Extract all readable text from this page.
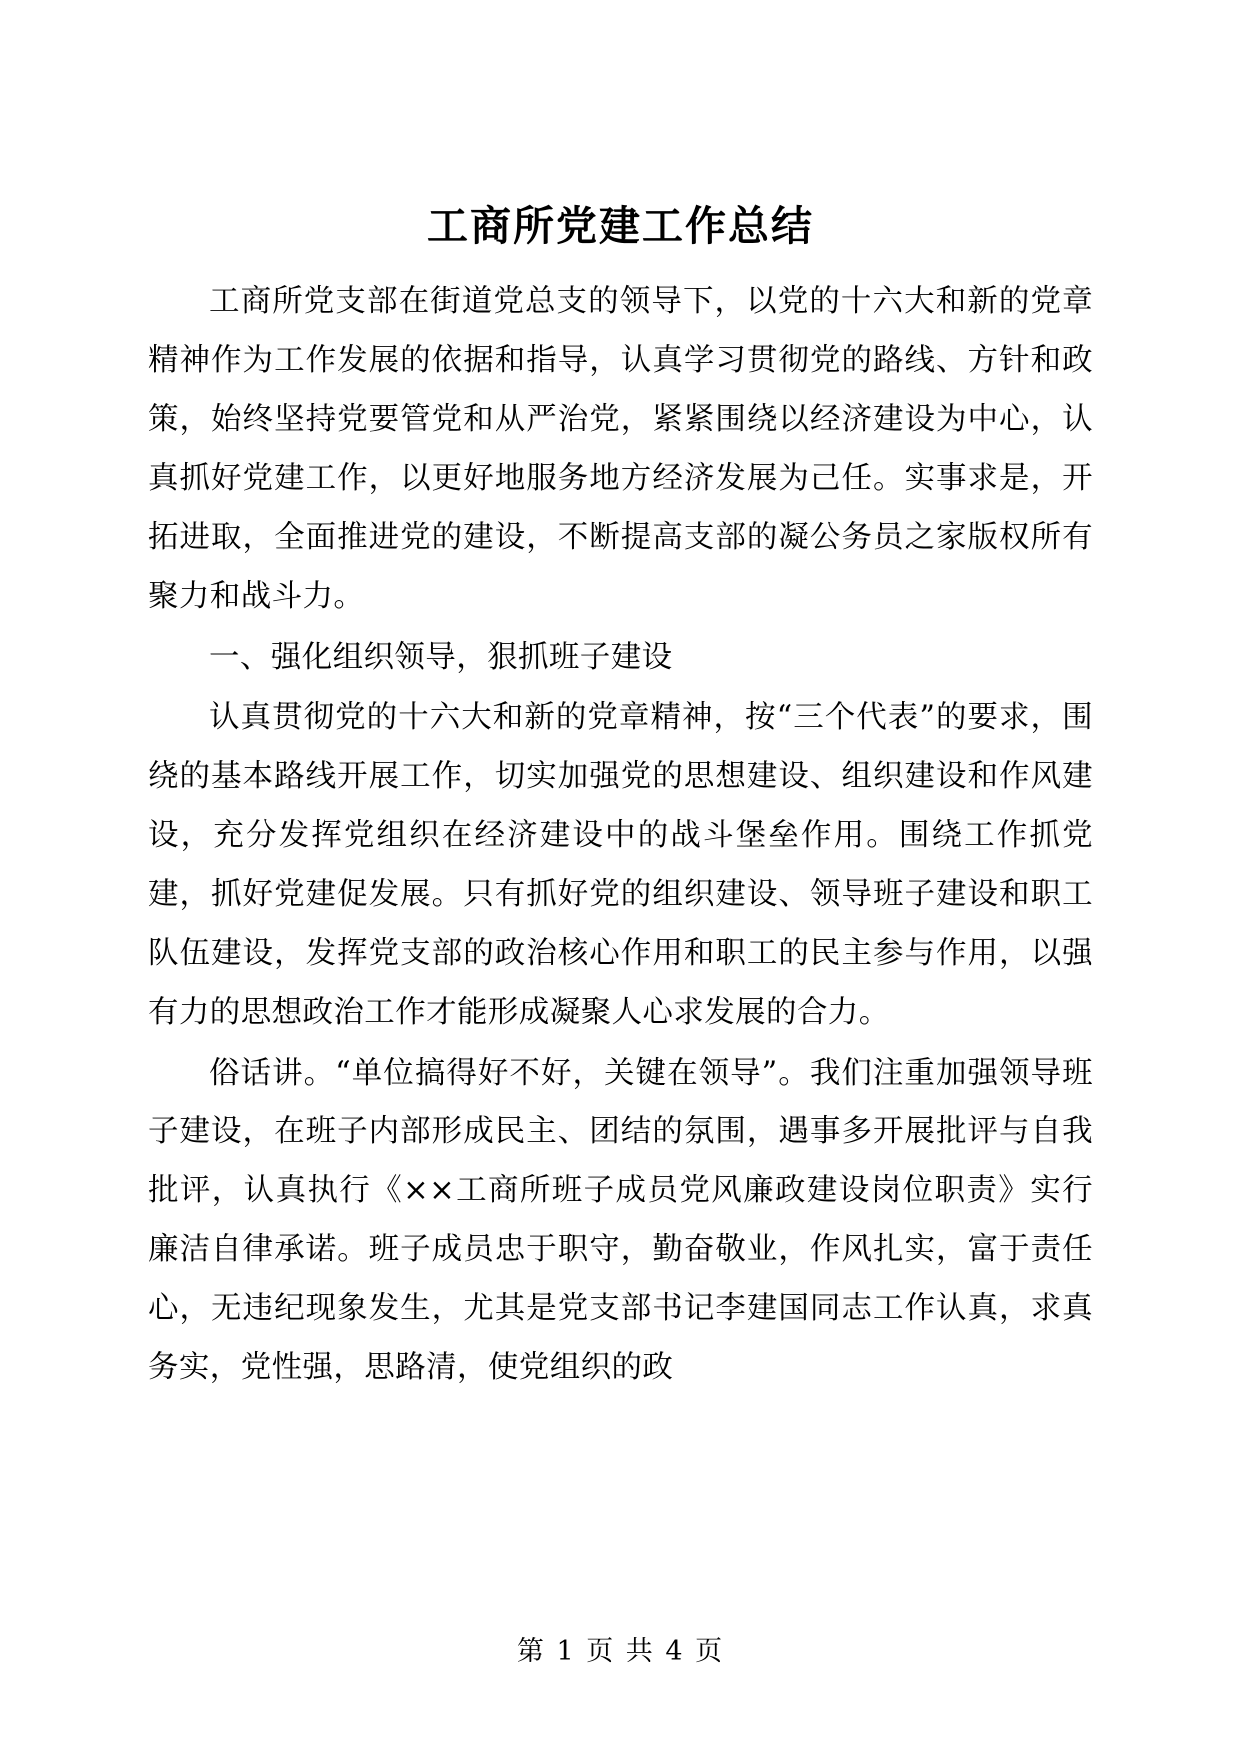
工商所党建工作总结

工商所党支部在街道党总支的领导下，以党的十六大和新的党章精神作为工作发展的依据和指导，认真学习贯彻党的路线、方针和政策，始终坚持党要管党和从严治党，紧紧围绕以经济建设为中心，认真抓好党建工作，以更好地服务地方经济发展为己任。实事求是，开拓进取，全面推进党的建设，不断提高支部的凝公务员之家版权所有聚力和战斗力。

一、强化组织领导，狠抓班子建设

认真贯彻党的十六大和新的党章精神，按“三个代表”的要求，围绕的基本路线开展工作，切实加强党的思想建设、组织建设和作风建设，充分发挥党组织在经济建设中的战斗堡垒作用。围绕工作抓党建，抓好党建促发展。只有抓好党的组织建设、领导班子建设和职工队伍建设，发挥党支部的政治核心作用和职工的民主参与作用，以强有力的思想政治工作才能形成凝聚人心求发展的合力。

俗话讲。“单位搞得好不好，关键在领导”。我们注重加强领导班子建设，在班子内部形成民主、团结的氛围，遇事多开展批评与自我批评，认真执行《××工商所班子成员党风廉政建设岗位职责》实行廉洁自律承诺。班子成员忠于职守，勤奋敬业，作风扎实，富于责任心，无违纪现象发生，尤其是党支部书记李建国同志工作认真，求真务实，党性强，思路清，使党组织的政

第 1 页 共 4 页
